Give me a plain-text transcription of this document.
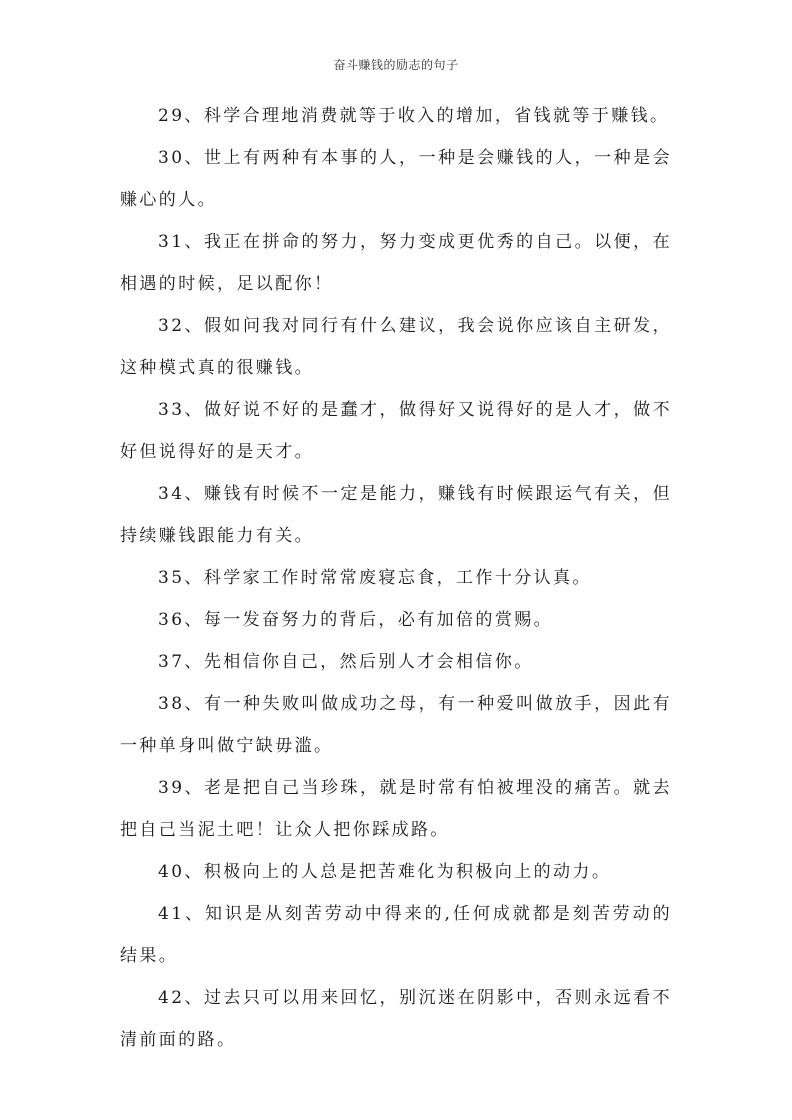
奋斗赚钱的励志的句子

29、科学合理地消费就等于收入的增加，省钱就等于赚钱。

30、世上有两种有本事的人，一种是会赚钱的人，一种是会赚心的人。

31、我正在拼命的努力，努力变成更优秀的自己。以便，在相遇的时候，足以配你！

32、假如问我对同行有什么建议，我会说你应该自主研发，这种模式真的很赚钱。

33、做好说不好的是蠢才，做得好又说得好的是人才，做不好但说得好的是天才。

34、赚钱有时候不一定是能力，赚钱有时候跟运气有关，但持续赚钱跟能力有关。

35、科学家工作时常常废寝忘食，工作十分认真。

36、每一发奋努力的背后，必有加倍的赏赐。

37、先相信你自己，然后别人才会相信你。

38、有一种失败叫做成功之母，有一种爱叫做放手，因此有一种单身叫做宁缺毋滥。

39、老是把自己当珍珠，就是时常有怕被埋没的痛苦。就去把自己当泥土吧！让众人把你踩成路。

40、积极向上的人总是把苦难化为积极向上的动力。

41、知识是从刻苦劳动中得来的,任何成就都是刻苦劳动的结果。

42、过去只可以用来回忆，别沉迷在阴影中，否则永远看不清前面的路。
